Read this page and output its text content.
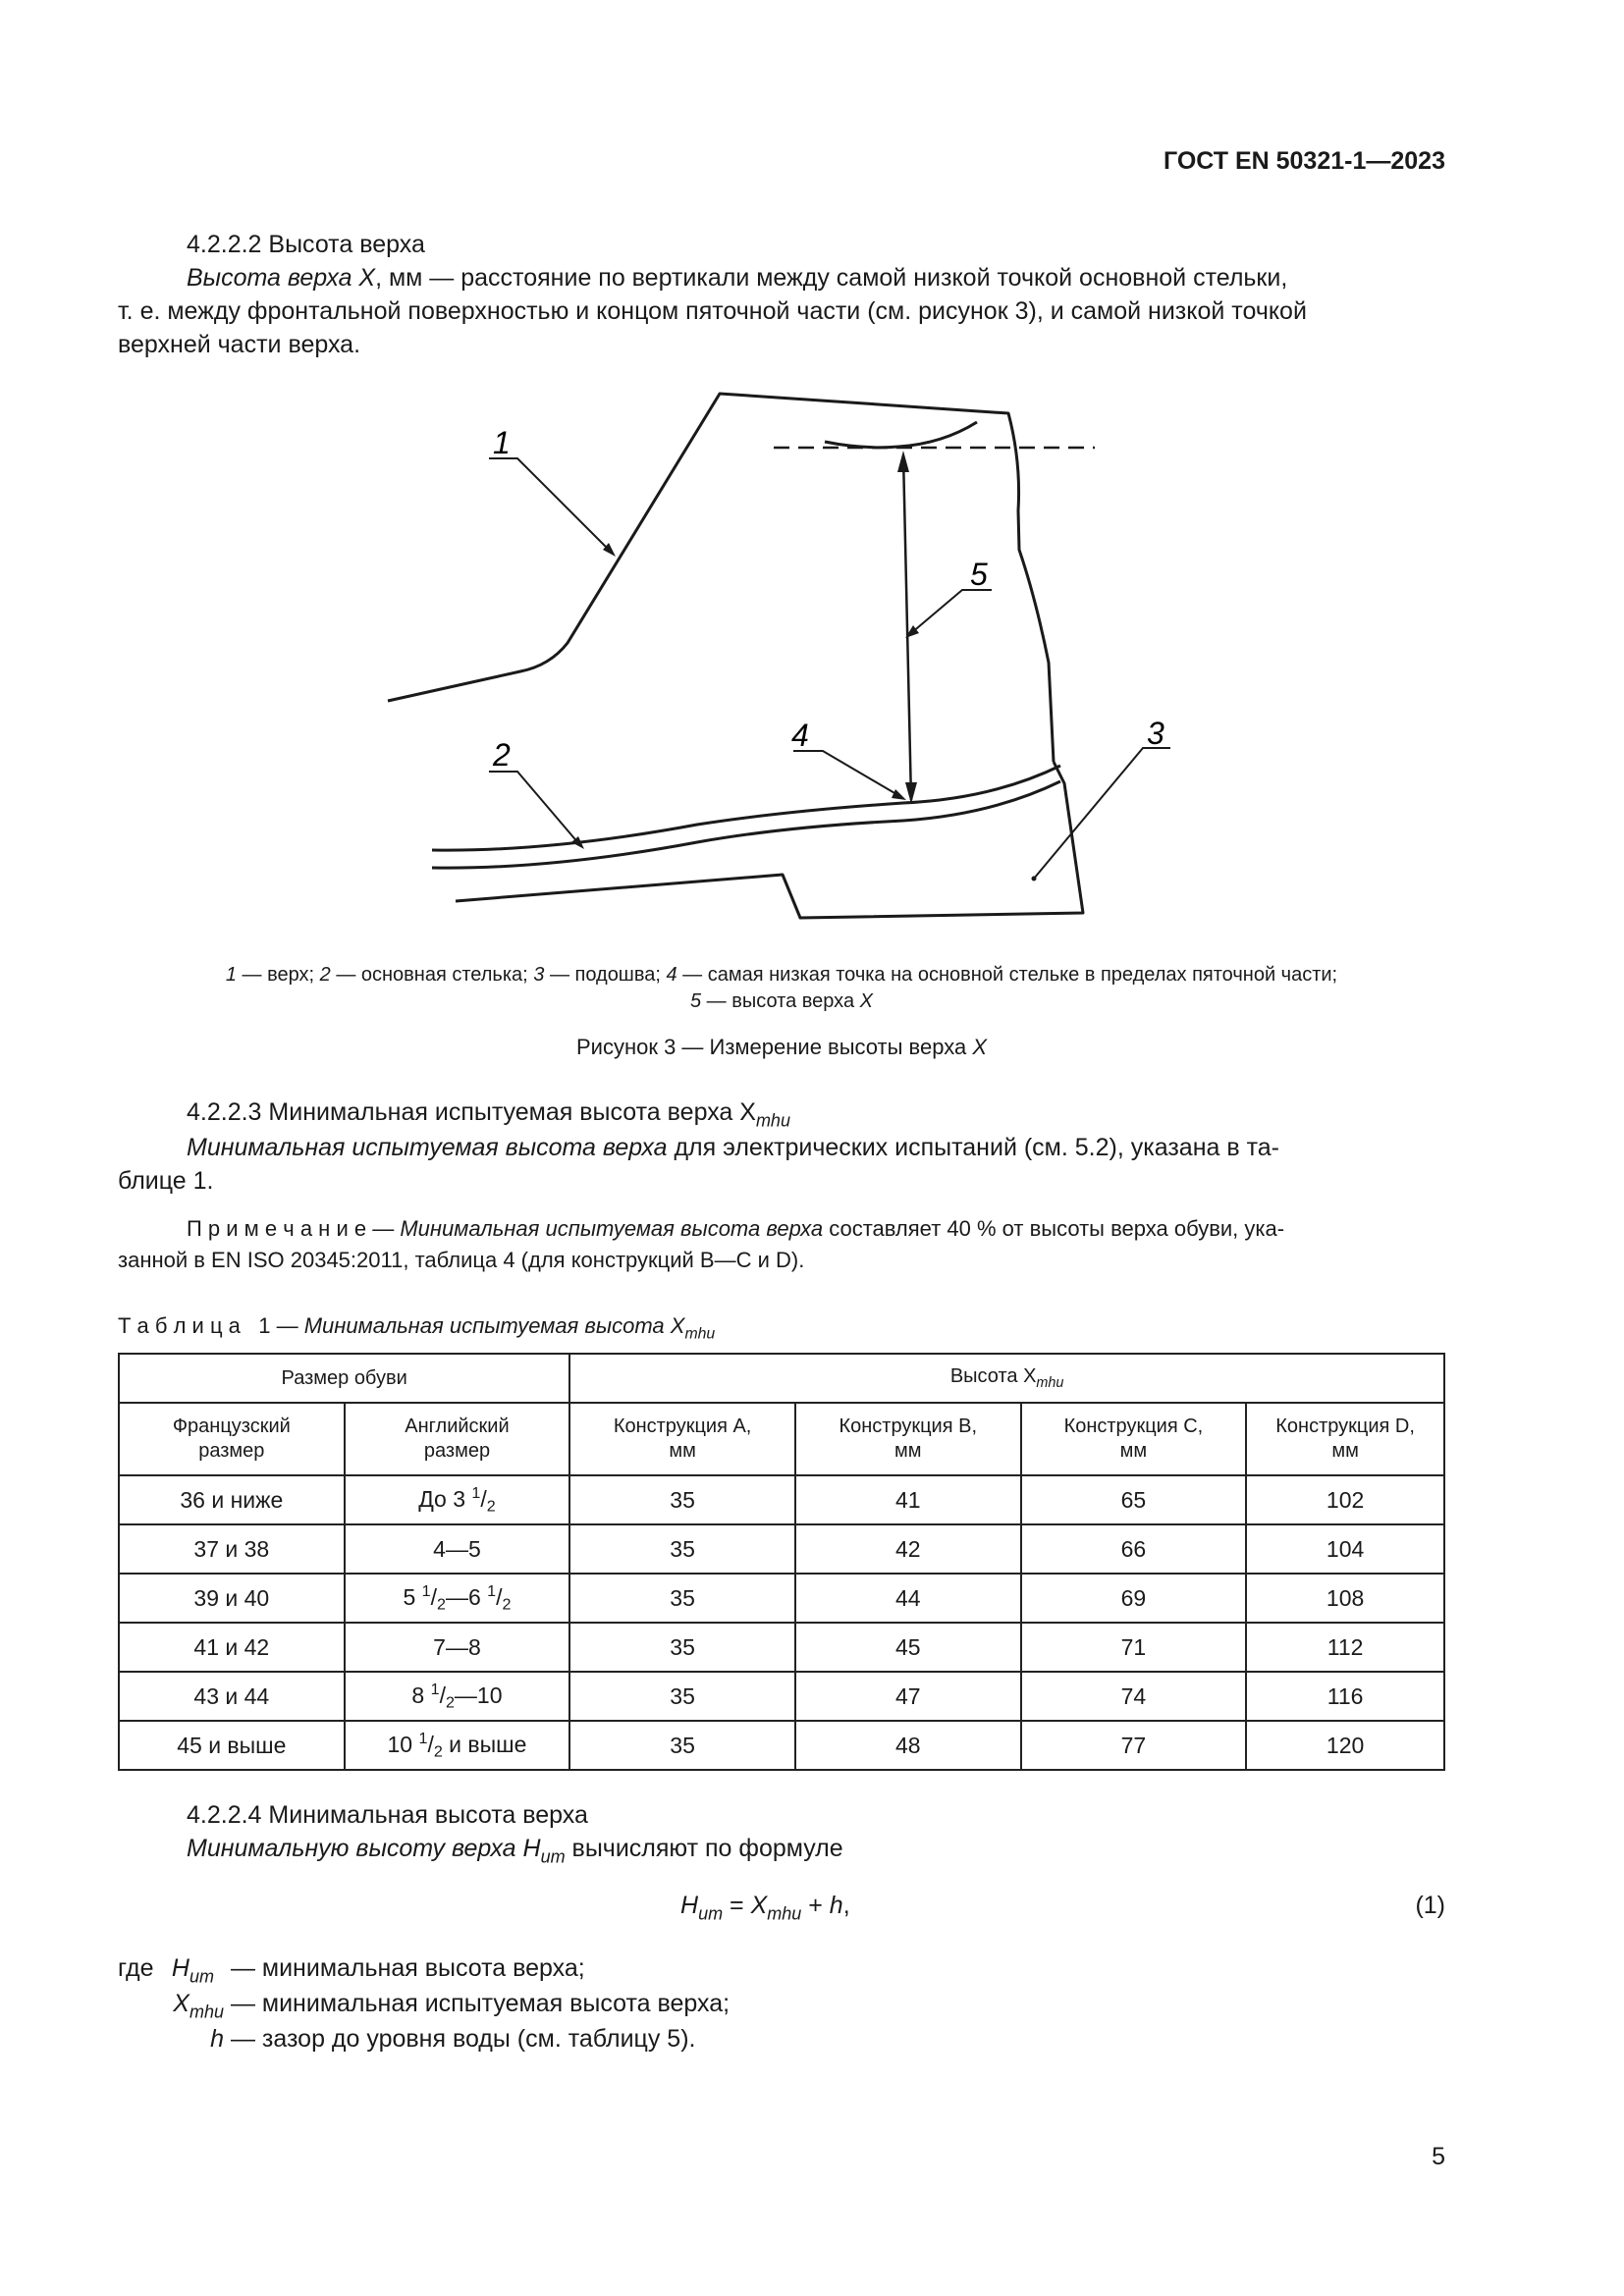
ГОСТ EN 50321-1—2023
4.2.2.2 Высота верха
Высота верха X, мм — расстояние по вертикали между самой низкой точкой основной стельки,
т. е. между фронтальной поверхностью и концом пяточной части (см. рисунок 3), и самой низкой точкой
верхней части верха.
1
2
3
4
5
1 — верх; 2 — основная стелька; 3 — подошва; 4 — самая низкая точка на основной стельке в пределах пяточной части;
5 — высота верха X
Рисунок 3 — Измерение высоты верха X
4.2.2.3 Минимальная испытуемая высота верха $X_{mhu}$
Минимальная испытуемая высота верха для электрических испытаний (см. 5.2), указана в та-
блице 1.
П р и м е ч а н и е — Минимальная испытуемая высота верха составляет 40 % от высоты верха обуви, ука-
занной в EN ISO 20345:2011, таблица 4 (для конструкций В—С и D).
Т а б л и ц а   1 — Минимальная испытуемая высота $X_{mhu}$
Размер обуви		Высота $X_{mhu}$
Французский
размер	Английский
размер	Конструкция А,
мм	Конструкция В,
мм	Конструкция С,
мм	Конструкция D,
мм
36 и ниже	До 3 $^1/_2$	35	41	65	102
37 и 38	4—5	35	42	66	104
39 и 40	5 $^1/_2—6$ $^1/_2$	35	44	69	108
41 и 42	7—8	35	45	71	112
43 и 44	8 $^1/_2—10$	35	47	74	116
45 и выше	10 $^1/_2$ и выше	35	48	77	120
4.2.2.4 Минимальная высота верха
Минимальную высоту верха $H_{um}$ вычисляют по формуле
$H_{um} = X_{mhu} + h$,	(1)
где $H_{um}$ — минимальная высота верха;
$X_{mhu}$ — минимальная испытуемая высота верха;
h — зазор до уровня воды (см. таблицу 5).
5
